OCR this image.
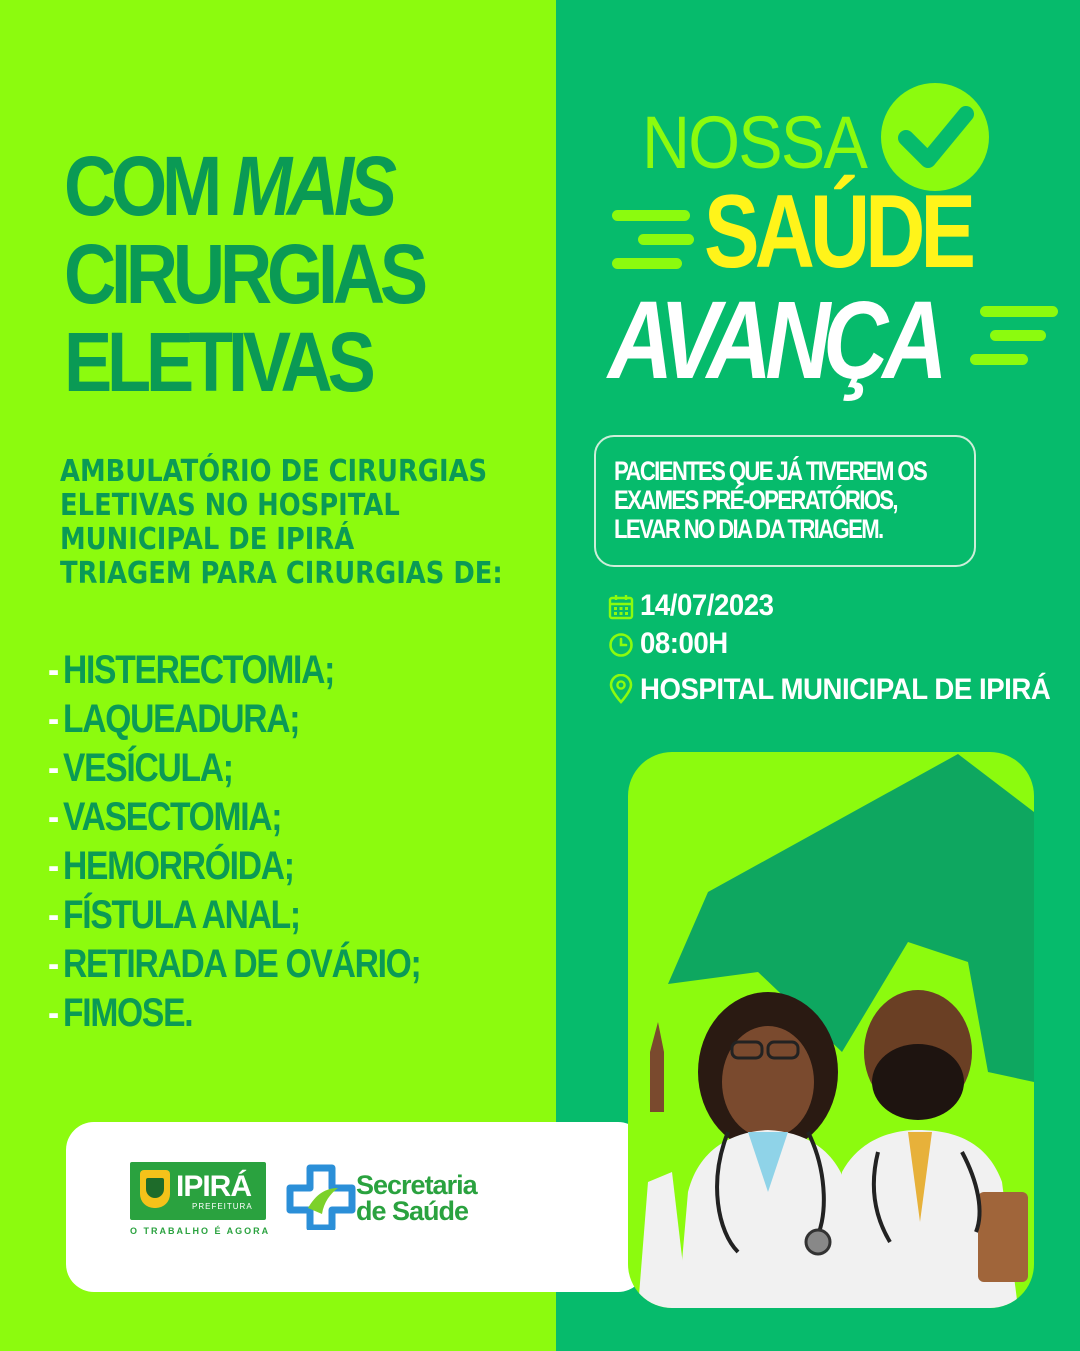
COM MAIS
CIRURGIAS
ELETIVAS
AMBULATÓRIO DE CIRURGIAS
ELETIVAS NO HOSPITAL
MUNICIPAL DE IPIRÁ
TRIAGEM PARA CIRURGIAS DE:
- HISTERECTOMIA;
- LAQUEADURA;
- VESÍCULA;
- VASECTOMIA;
- HEMORRÓIDA;
- FÍSTULA ANAL;
- RETIRADA DE OVÁRIO;
- FIMOSE.
IPIRÁ
PREFEITURA
O TRABALHO É AGORA
Secretaria
de Saúde
NOSSA
SAÚDE
AVANÇA
PACIENTES QUE JÁ TIVEREM OS
EXAMES PRÉ-OPERATÓRIOS,
LEVAR NO DIA DA TRIAGEM.
14/07/2023
08:00H
HOSPITAL MUNICIPAL DE IPIRÁ
